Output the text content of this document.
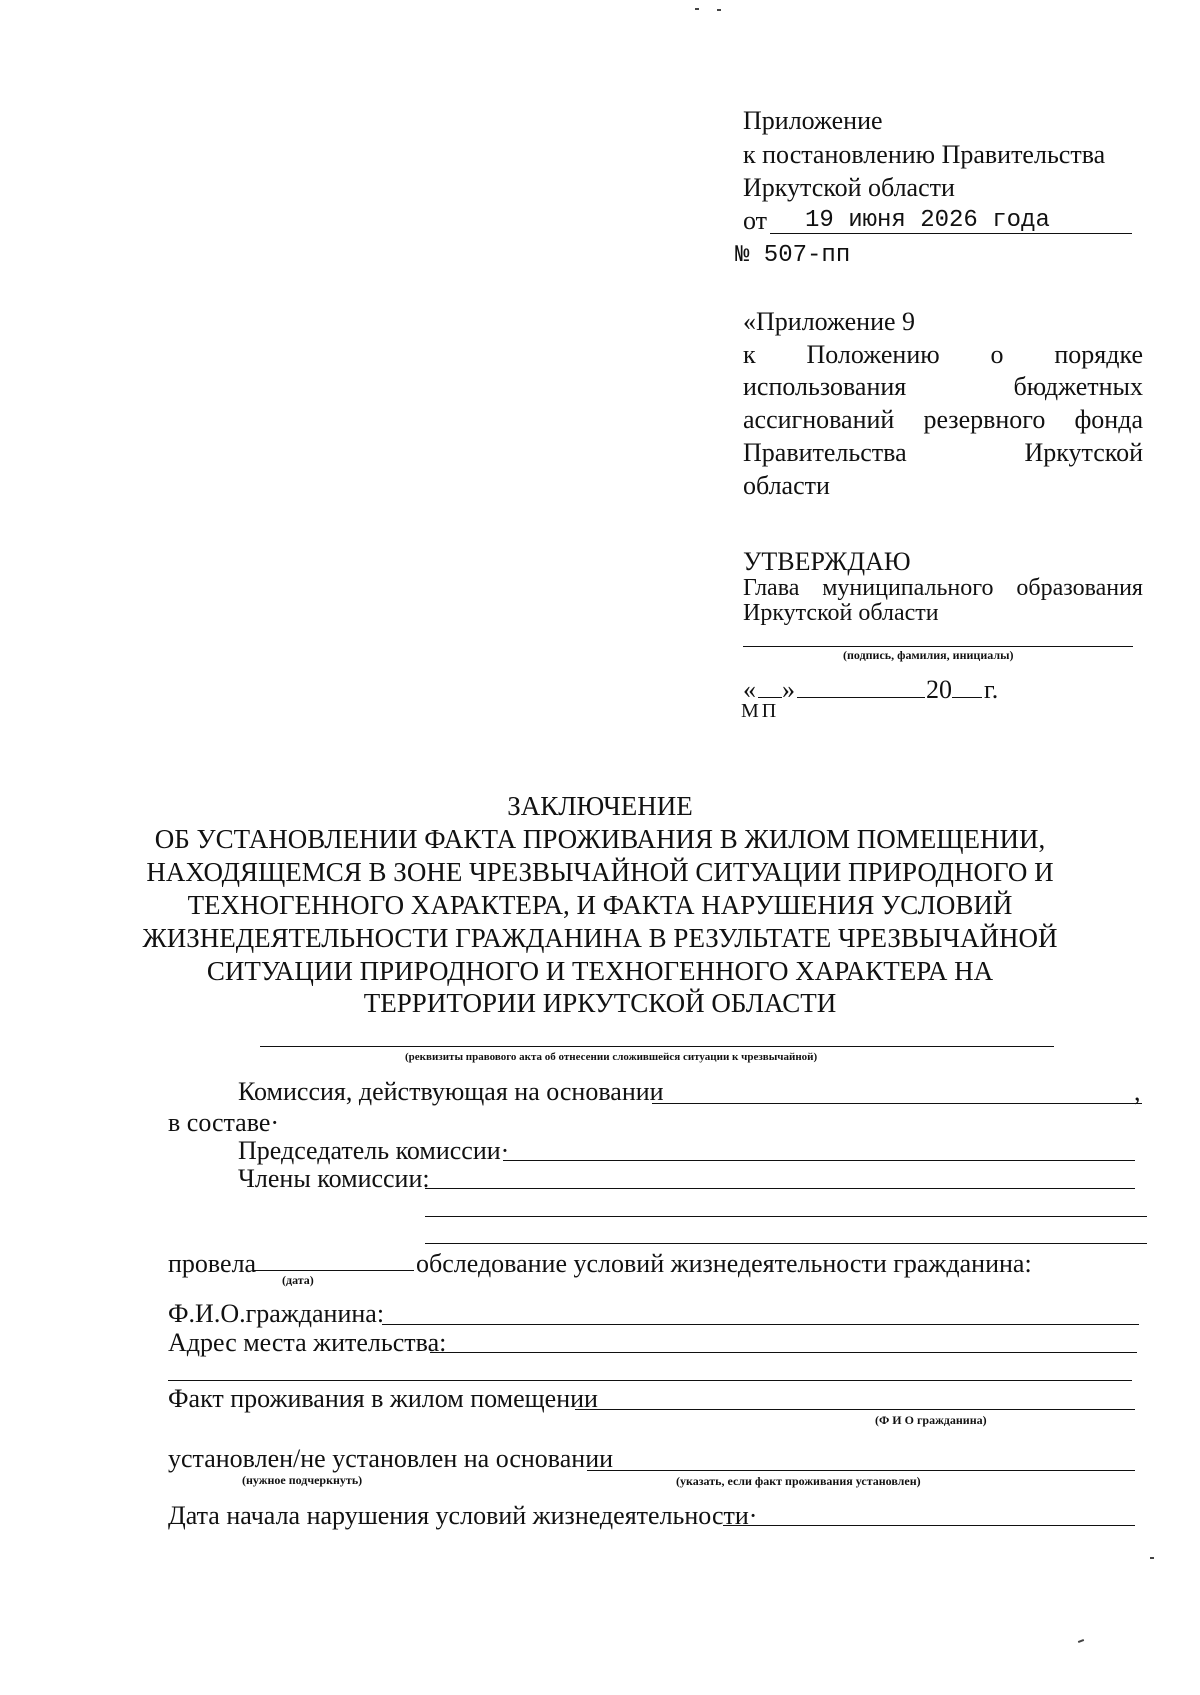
Приложение
к постановлению Правительства
Иркутской области
от 19 июня 2026 года
№ 507-пп
«Приложение 9
к Положению о порядке
использования	бюджетных
ассигнований резервного фонда
Правительства	Иркутской
области
УТВЕРЖДАЮ
Глава муниципального образования
Иркутской области
(подпись, фамилия, инициалы)
« »	20 г.
МП
ЗАКЛЮЧЕНИЕ
ОБ УСТАНОВЛЕНИИ ФАКТА ПРОЖИВАНИЯ В ЖИЛОМ ПОМЕЩЕНИИ,
НАХОДЯЩЕМСЯ В ЗОНЕ ЧРЕЗВЫЧАЙНОЙ СИТУАЦИИ ПРИРОДНОГО И
ТЕХНОГЕННОГО ХАРАКТЕРА, И ФАКТА НАРУШЕНИЯ УСЛОВИЙ
ЖИЗНЕДЕЯТЕЛЬНОСТИ ГРАЖДАНИНА В РЕЗУЛЬТАТЕ ЧРЕЗВЫЧАЙНОЙ
СИТУАЦИИ ПРИРОДНОГО И ТЕХНОГЕННОГО ХАРАКТЕРА НА
ТЕРРИТОРИИ ИРКУТСКОЙ ОБЛАСТИ
(реквизиты правового акта об отнесении сложившейся ситуации к чрезвычайной)
Комиссия, действующая на основании	,
в составе·
Председатель комиссии·
Члены комиссии:
провела
(дата)
обследование условий жизнедеятельности гражданина:
Ф.И.О.гражданина:
Адрес места жительства:
Факт проживания в жилом помещении
(Ф И О гражданина)
установлен/не установлен на основании
(нужное подчеркнуть)	(указать, если факт проживания установлен)
Дата начала нарушения условий жизнедеятельности·
